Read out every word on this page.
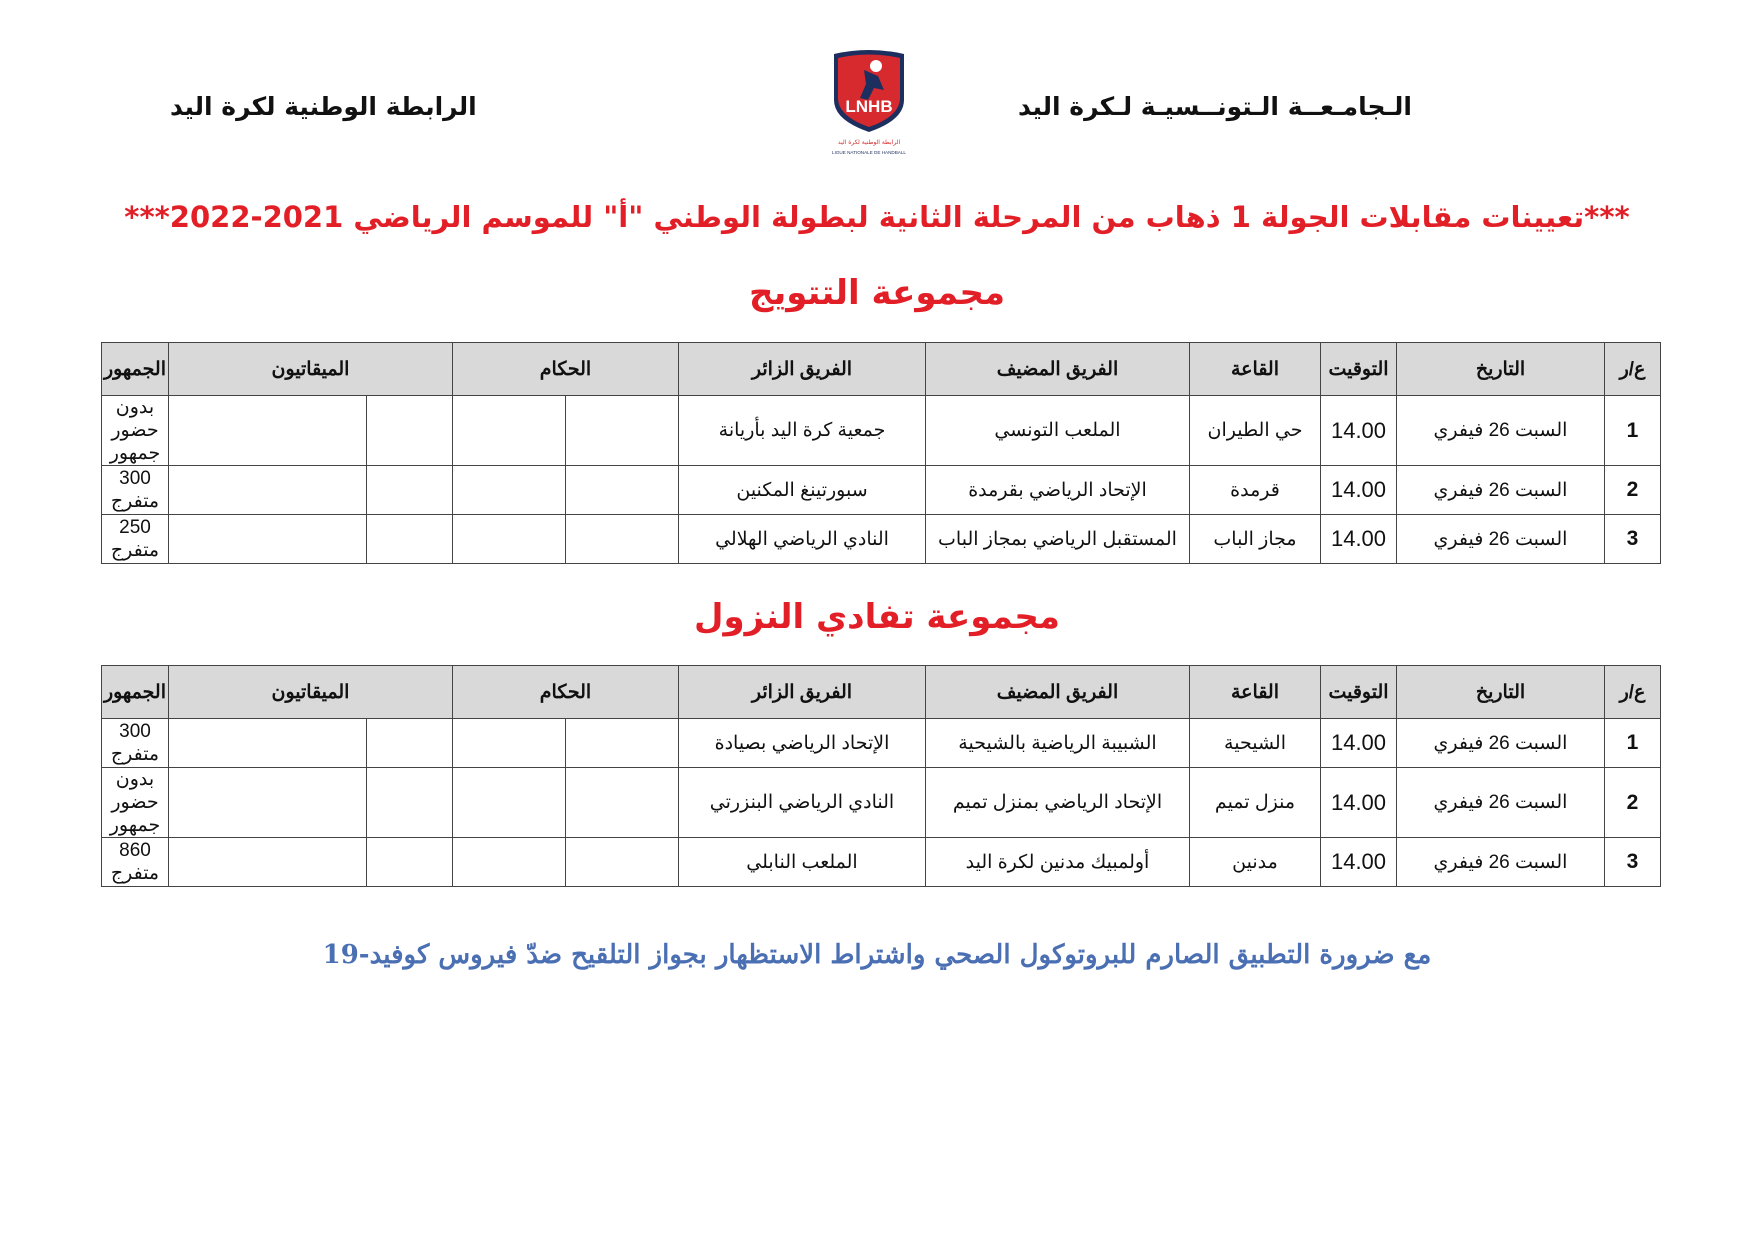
الـجامـعــة الـتونــسيـة لـكرة اليد
الرابطة الوطنية لكرة اليد	LNHB
الرابطة الوطنية لكرة اليد
LIGUE NATIONALE DE HANDBALL
***تعيينات مقابلات الجولة 1 ذهاب من المرحلة الثانية لبطولة الوطني "أ" للموسم الرياضي 2021-2022***
مجموعة التتويج
ع/ر	التاريخ	التوقيت	القاعة	الفريق المضيف	الفريق الزائر	الحكام		الميقاتيون		الجمهور
1	السبت 26 فيفري	14.00	حي الطيران	الملعب التونسي	جمعية كرة اليد بأريانة					بدون حضور جمهور
2	السبت 26 فيفري	14.00	قرمدة	الإتحاد الرياضي بقرمدة	سبورتينغ المكنين					300 متفرج
3	السبت 26 فيفري	14.00	مجاز الباب	المستقبل الرياضي بمجاز الباب	النادي الرياضي الهلالي					250 متفرج
مجموعة تفادي النزول
ع/ر	التاريخ	التوقيت	القاعة	الفريق المضيف	الفريق الزائر	الحكام		الميقاتيون		الجمهور
1	السبت 26 فيفري	14.00	الشيحية	الشبيبة الرياضية بالشيحية	الإتحاد الرياضي بصيادة					300 متفرج
2	السبت 26 فيفري	14.00	منزل تميم	الإتحاد الرياضي بمنزل تميم	النادي الرياضي البنزرتي					بدون حضور جمهور
3	السبت 26 فيفري	14.00	مدنين	أولمبيك مدنين لكرة اليد	الملعب النابلي					860 متفرج
مع ضرورة التطبيق الصارم للبروتوكول الصحي واشتراط الاستظهار بجواز التلقيح ضدّ فيروس كوفيد-19
